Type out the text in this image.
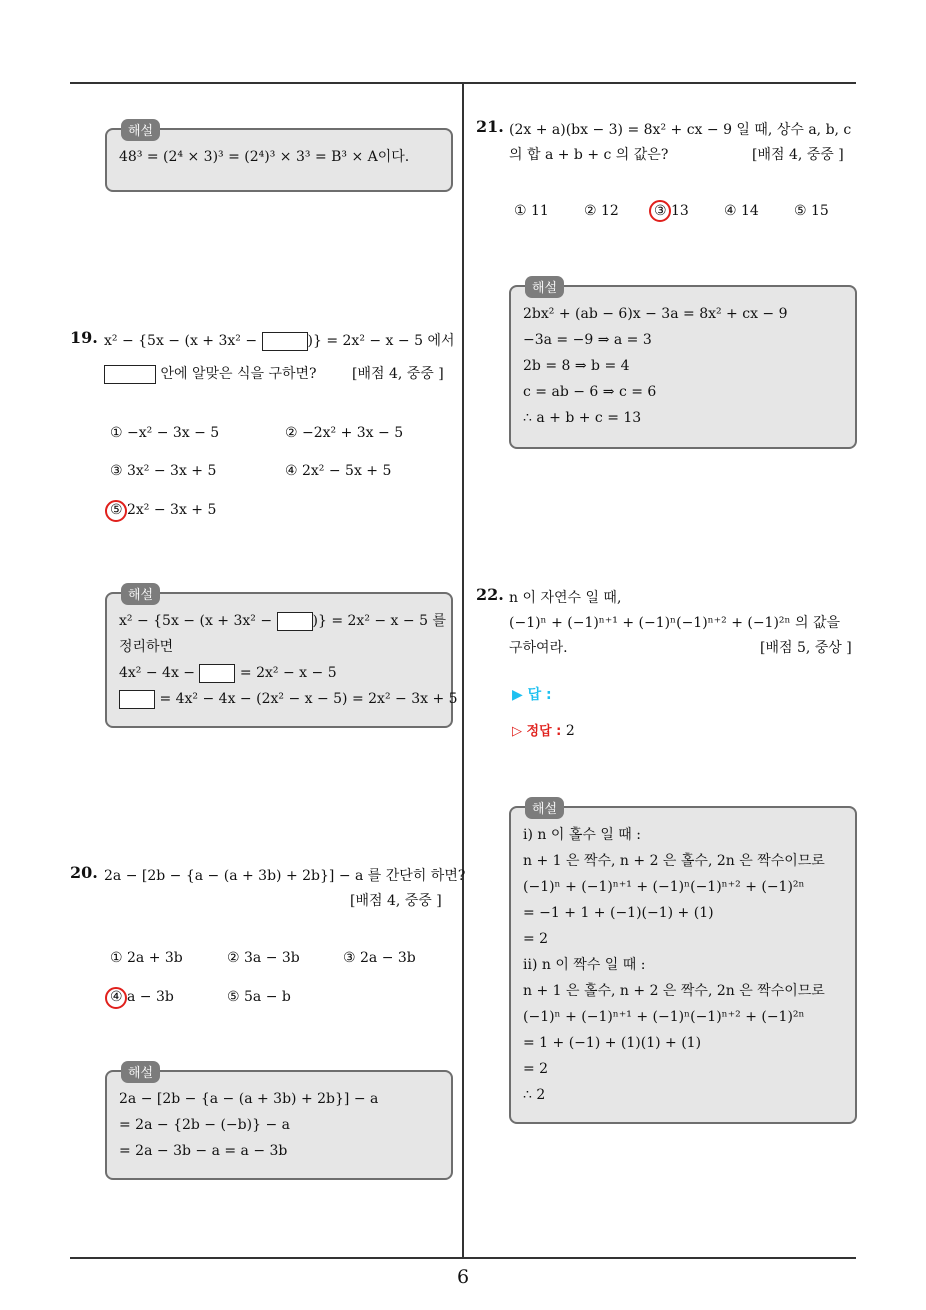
해설
48³ = (2⁴ × 3)³ = (2⁴)³ × 3³ = B³ × A이다.
19. x² − {5x − (x + 3x² −	)} = 2x² − x − 5 에서
안에 알맞은 식을 구하면?	[배점 4, 중중 ]
① −x² − 3x − 5	② −2x² + 3x − 5
③ 3x² − 3x + 5	④ 2x² − 5x + 5
⑤ 2x² − 3x + 5
해설
x² − {5x − (x + 3x² −	)} = 2x² − x − 5 를
정리하면
4x² − 4x −	= 2x² − x − 5
= 4x² − 4x − (2x² − x − 5) = 2x² − 3x + 5
20. 2a − [2b − {a − (a + 3b) + 2b}] − a 를 간단히 하면?
[배점 4, 중중 ]
① 2a + 3b	② 3a − 3b	③ 2a − 3b
④ a − 3b	⑤ 5a − b
해설
2a − [2b − {a − (a + 3b) + 2b}] − a
= 2a − {2b − (−b)} − a
= 2a − 3b − a = a − 3b
21. (2x + a)(bx − 3) = 8x² + cx − 9 일 때, 상수 a, b, c
의 합 a + b + c 의 값은?	[배점 4, 중중 ]
① 11	② 12	③ 13	④ 14	⑤ 15
해설
2bx² + (ab − 6)x − 3a = 8x² + cx − 9
−3a = −9 ⇒ a = 3
2b = 8 ⇒ b = 4
c = ab − 6 ⇒ c = 6
∴ a + b + c = 13
22. n 이 자연수 일 때,
(−1)ⁿ + (−1)ⁿ⁺¹ + (−1)ⁿ(−1)ⁿ⁺² + (−1)²ⁿ 의 값을
구하여라.	[배점 5, 중상 ]
▶ 답 :
▷ 정답 : 2
해설
i) n 이 홀수 일 때 :
n + 1 은 짝수, n + 2 은 홀수, 2n 은 짝수이므로
(−1)ⁿ + (−1)ⁿ⁺¹ + (−1)ⁿ(−1)ⁿ⁺² + (−1)²ⁿ
= −1 + 1 + (−1)(−1) + (1)
= 2
ii) n 이 짝수 일 때 :
n + 1 은 홀수, n + 2 은 짝수, 2n 은 짝수이므로
(−1)ⁿ + (−1)ⁿ⁺¹ + (−1)ⁿ(−1)ⁿ⁺² + (−1)²ⁿ
= 1 + (−1) + (1)(1) + (1)
= 2
∴ 2
6
